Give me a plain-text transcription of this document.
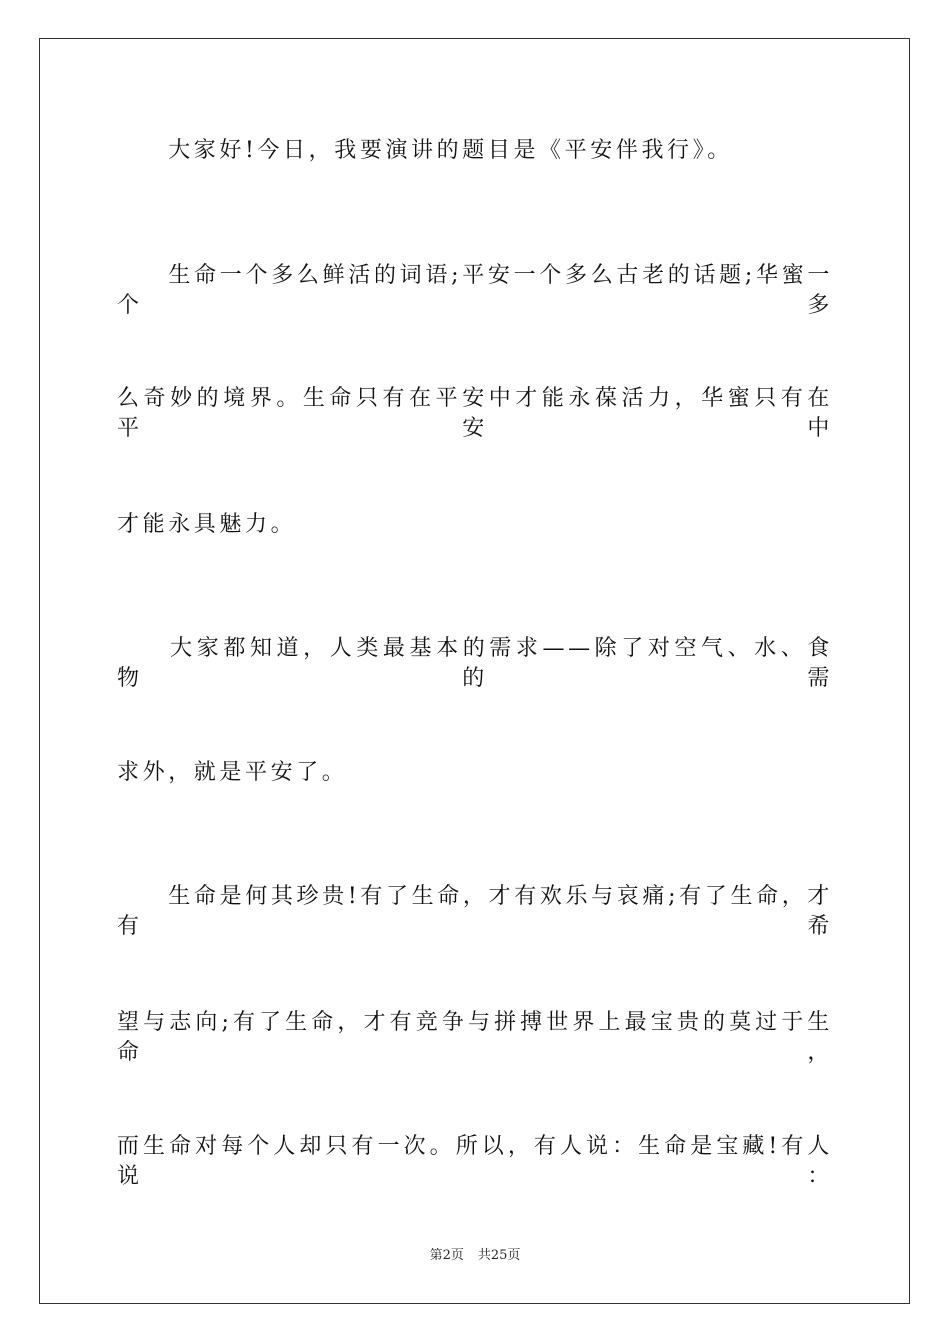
　　大家好!今日，我要演讲的题目是《平安伴我行》。
　　生命一个多么鲜活的词语;平安一个多么古老的话题;华蜜一个多
么奇妙的境界。生命只有在平安中才能永葆活力，华蜜只有在平安中
才能永具魅力。
　　大家都知道，人类最基本的需求——除了对空气、水、食物的需
求外，就是平安了。
　　生命是何其珍贵!有了生命，才有欢乐与哀痛;有了生命，才有希
望与志向;有了生命，才有竞争与拼搏世界上最宝贵的莫过于生命，
而生命对每个人却只有一次。所以，有人说：生命是宝藏!有人说：
第2页 共25页
